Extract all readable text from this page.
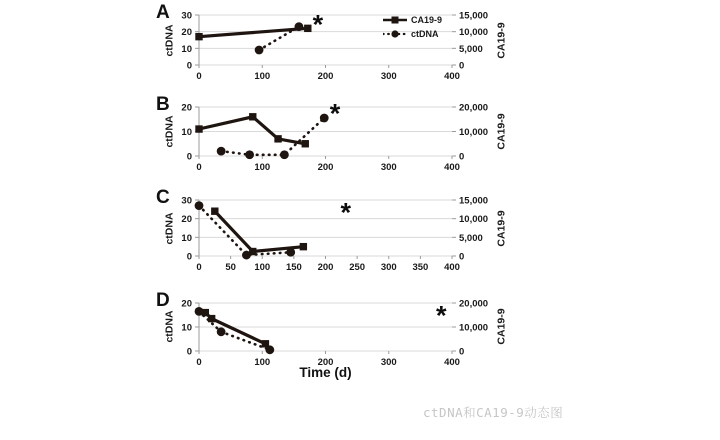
A
ctDNA
0
10
20
30
0
5,000
10,000
15,000
0	100	200	300	400
*	CA19-9
B
ctDNA
0
10
20
0
10,000
20,000
0	100	200	300	400
*	CA19-9
C
ctDNA
0
10
20
30
0
5,000
10,000
15,000
0 50 100 150 200 250 300 350 400
*	CA19-9
D
ctDNA
0
10
20
0
10,000
20,000
0	100	200	300	400
*	CA19-9
CA19-9
ctDNA
Time (d)
ctDNA和CA19-9动态图
